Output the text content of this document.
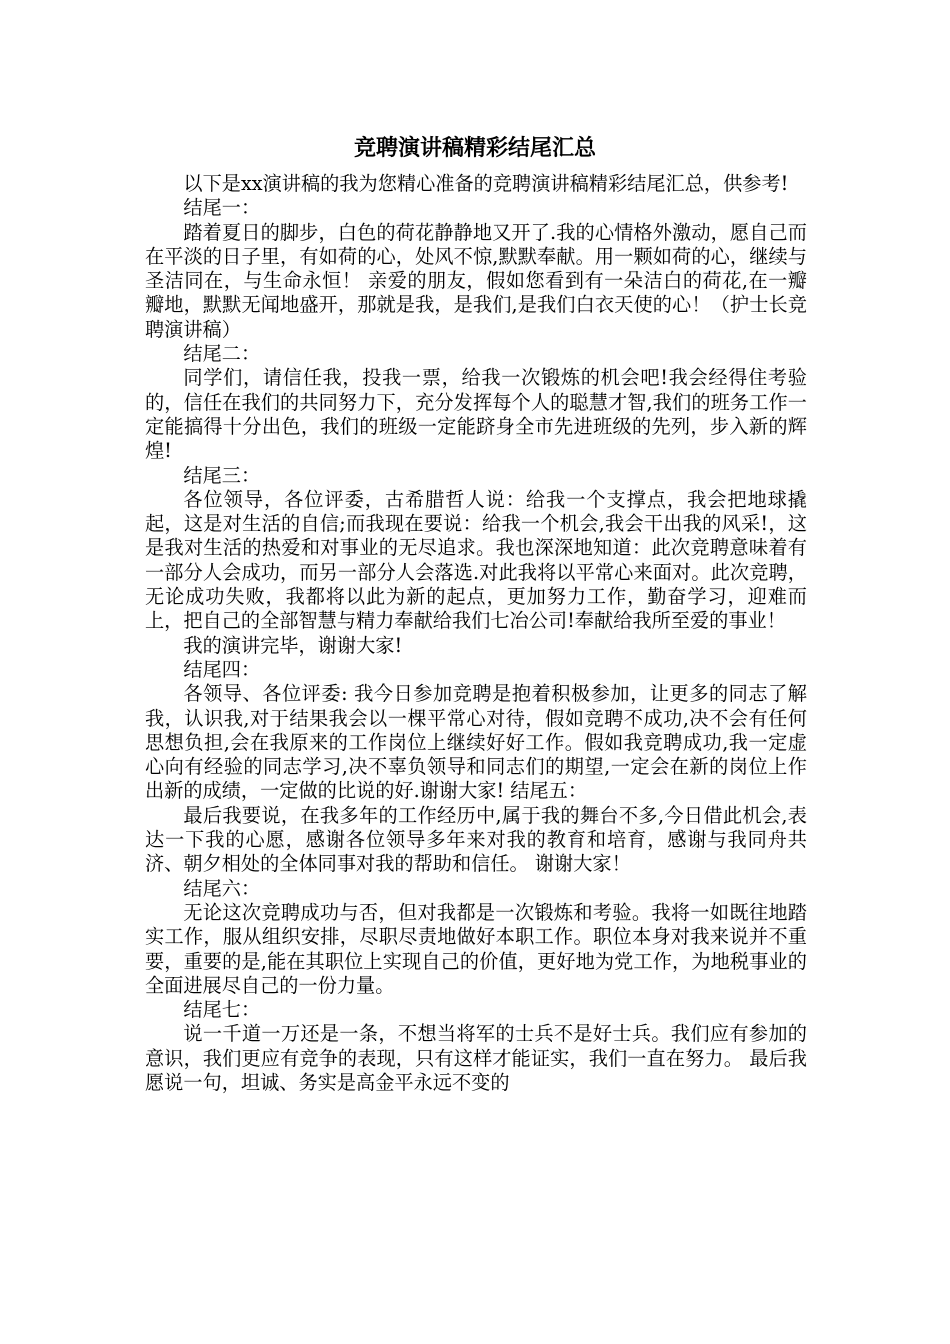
竞聘演讲稿精彩结尾汇总

以下是xx演讲稿的我为您精心准备的竞聘演讲稿精彩结尾汇总，供参考!

结尾一：

踏着夏日的脚步，白色的荷花静静地又开了.我的心情格外激动，愿自己而在平淡的日子里，有如荷的心，处风不惊,默默奉献。用一颗如荷的心，继续与圣洁同在，与生命永恒！ 亲爱的朋友，假如您看到有一朵洁白的荷花,在一瓣瓣地，默默无闻地盛开，那就是我，是我们,是我们白衣天使的心！（护士长竞聘演讲稿）

结尾二：

同学们，请信任我，投我一票，给我一次锻炼的机会吧!我会经得住考验的，信任在我们的共同努力下，充分发挥每个人的聪慧才智,我们的班务工作一定能搞得十分出色，我们的班级一定能跻身全市先进班级的先列，步入新的辉煌!

结尾三：

各位领导，各位评委，古希腊哲人说：给我一个支撑点，我会把地球撬起，这是对生活的自信;而我现在要说：给我一个机会,我会干出我的风采!，这是我对生活的热爱和对事业的无尽追求。我也深深地知道：此次竞聘意味着有一部分人会成功，而另一部分人会落选.对此我将以平常心来面对。此次竞聘，无论成功失败，我都将以此为新的起点，更加努力工作，勤奋学习，迎难而上，把自己的全部智慧与精力奉献给我们七冶公司!奉献给我所至爱的事业！

我的演讲完毕，谢谢大家!

结尾四：

各领导、各位评委: 我今日参加竞聘是抱着积极参加，让更多的同志了解我，认识我,对于结果我会以一棵平常心对待，假如竞聘不成功,决不会有任何思想负担,会在我原来的工作岗位上继续好好工作。假如我竞聘成功,我一定虚心向有经验的同志学习,决不辜负领导和同志们的期望,一定会在新的岗位上作出新的成绩，一定做的比说的好.谢谢大家! 结尾五：

最后我要说，在我多年的工作经历中,属于我的舞台不多,今日借此机会,表达一下我的心愿，感谢各位领导多年来对我的教育和培育，感谢与我同舟共济、朝夕相处的全体同事对我的帮助和信任。 谢谢大家！

结尾六：

无论这次竞聘成功与否，但对我都是一次锻炼和考验。我将一如既往地踏实工作，服从组织安排，尽职尽责地做好本职工作。职位本身对我来说并不重要，重要的是,能在其职位上实现自己的价值，更好地为党工作，为地税事业的全面进展尽自己的一份力量。

结尾七：

说一千道一万还是一条，不想当将军的士兵不是好士兵。我们应有参加的意识，我们更应有竞争的表现，只有这样才能证实，我们一直在努力。 最后我愿说一句，坦诚、务实是高金平永远不变的
